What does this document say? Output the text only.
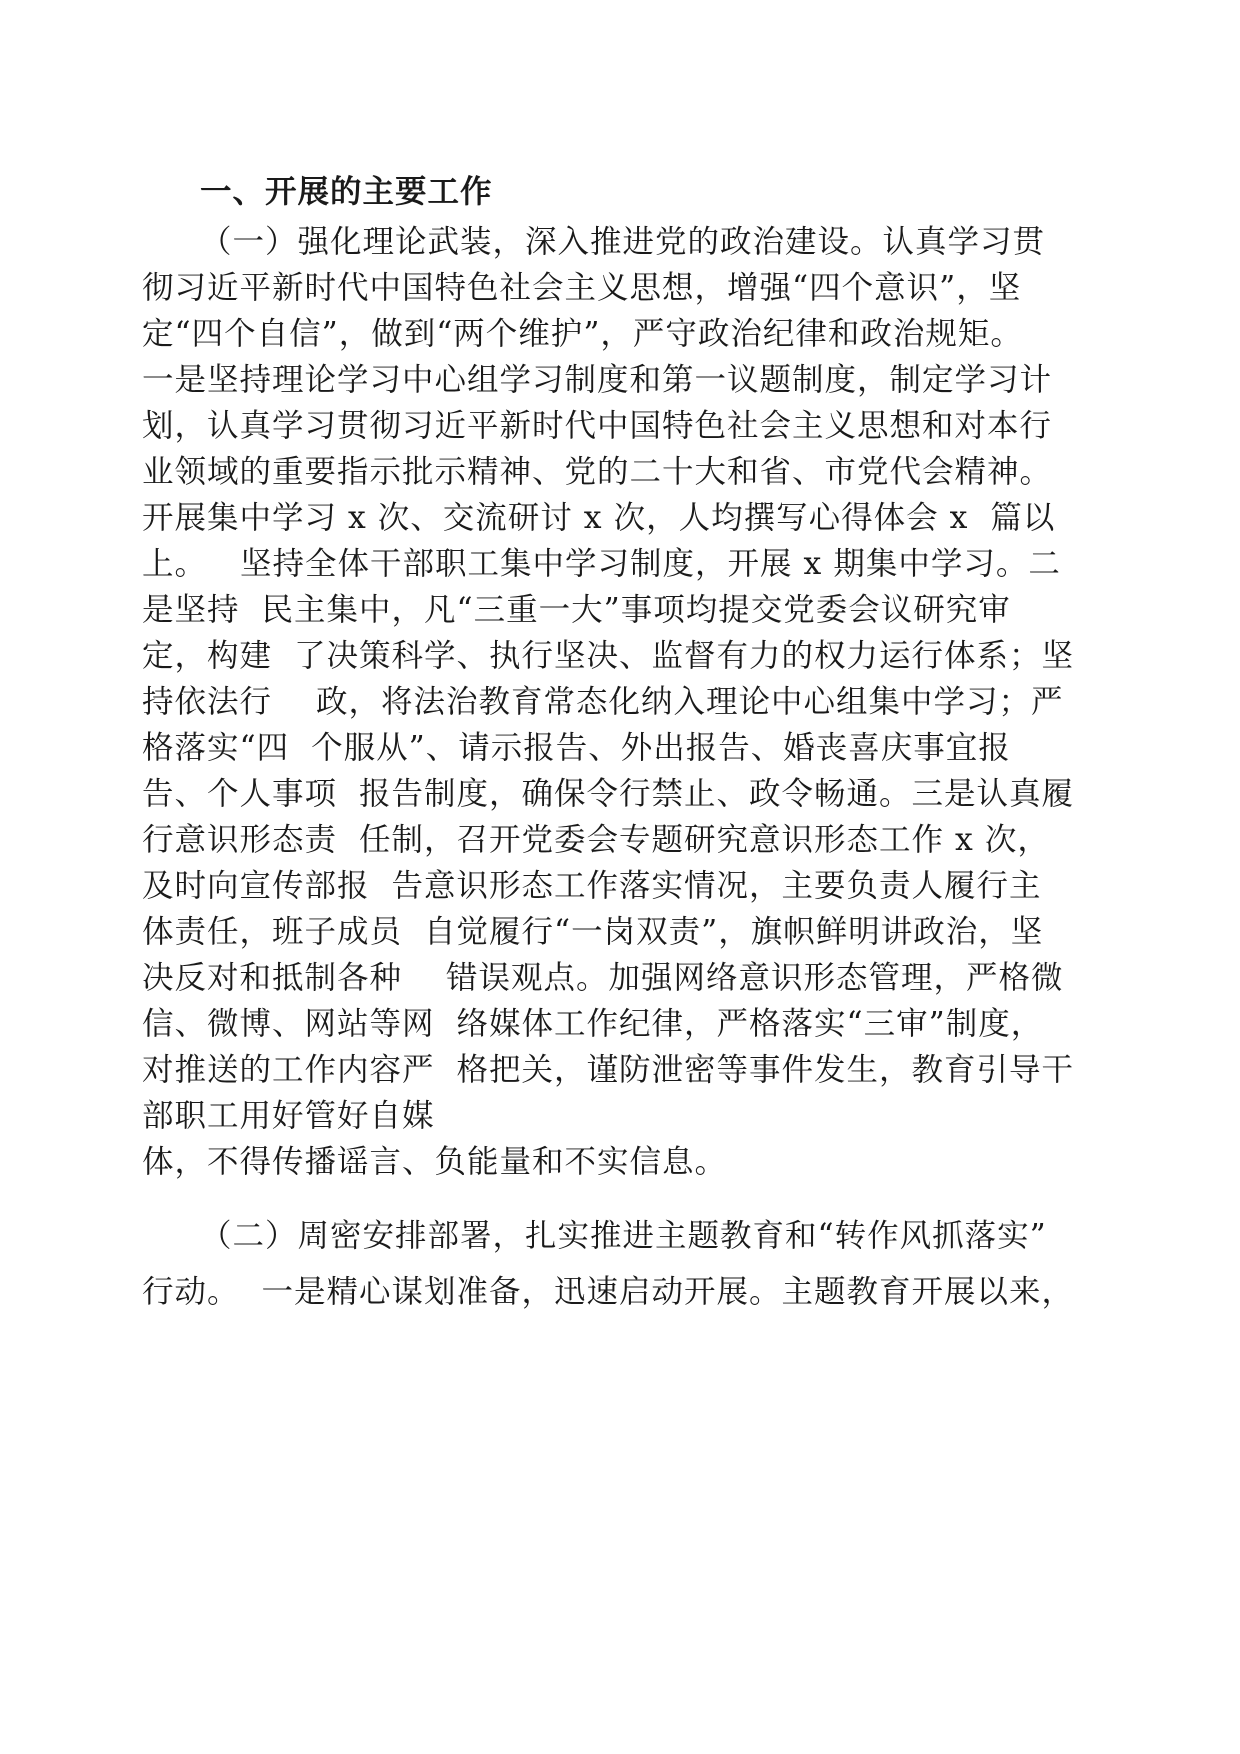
一、开展的主要工作
（一）强化理论武装，深入推进党的政治建设。认真学习贯
彻习近平新时代中国特色社会主义思想，增强“四个意识”，坚
定“四个自信”，做到“两个维护”，严守政治纪律和政治规矩。
一是坚持理论学习中心组学习制度和第一议题制度，制定学习计
划，认真学习贯彻习近平新时代中国特色社会主义思想和对本行
业领域的重要指示批示精神、党的二十大和省、市党代会精神。
开展集中学习 x 次、交流研讨 x 次，人均撰写心得体会 x  篇以
上。   坚持全体干部职工集中学习制度，开展 x 期集中学习。二
是坚持  民主集中，凡“三重一大”事项均提交党委会议研究审
定，构建  了决策科学、执行坚决、监督有力的权力运行体系；坚
持依法行    政，将法治教育常态化纳入理论中心组集中学习；严
格落实“四  个服从”、请示报告、外出报告、婚丧喜庆事宜报
告、个人事项  报告制度，确保令行禁止、政令畅通。三是认真履
行意识形态责  任制，召开党委会专题研究意识形态工作 x 次，
及时向宣传部报  告意识形态工作落实情况，主要负责人履行主
体责任，班子成员  自觉履行“一岗双责”，旗帜鲜明讲政治，坚
决反对和抵制各种    错误观点。加强网络意识形态管理，严格微
信、微博、网站等网  络媒体工作纪律，严格落实“三审”制度，
对推送的工作内容严  格把关，谨防泄密等事件发生，教育引导干
部职工用好管好自媒
体，不得传播谣言、负能量和不实信息。
（二）周密安排部署，扎实推进主题教育和“转作风抓落实”
行动。  一是精心谋划准备，迅速启动开展。主题教育开展以来，
